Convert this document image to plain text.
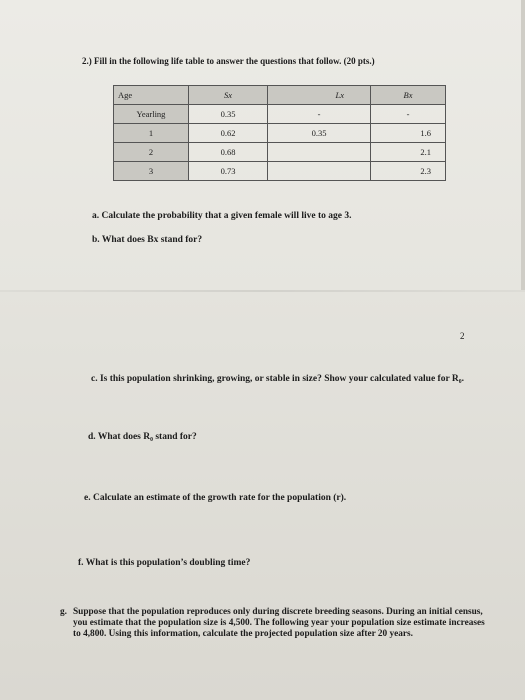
2.) Fill in the following life table to answer the questions that follow. (20 pts.)
Age	Sx	Lx	Bx
Yearling	0.35	-	-
1	0.62	0.35	1.6
2	0.68		2.1
3	0.73		2.3
a. Calculate the probability that a given female will live to age 3.
b. What does Bx stand for?
2
c. Is this population shrinking, growing, or stable in size? Show your calculated value for R₀.
d. What does R₀ stand for?
e. Calculate an estimate of the growth rate for the population (r).
f. What is this population’s doubling time?
g. Suppose that the population reproduces only during discrete breeding seasons. During an initial census, you estimate that the population size is 4,500. The following year your population size estimate increases to 4,800. Using this information, calculate the projected population size after 20 years.
